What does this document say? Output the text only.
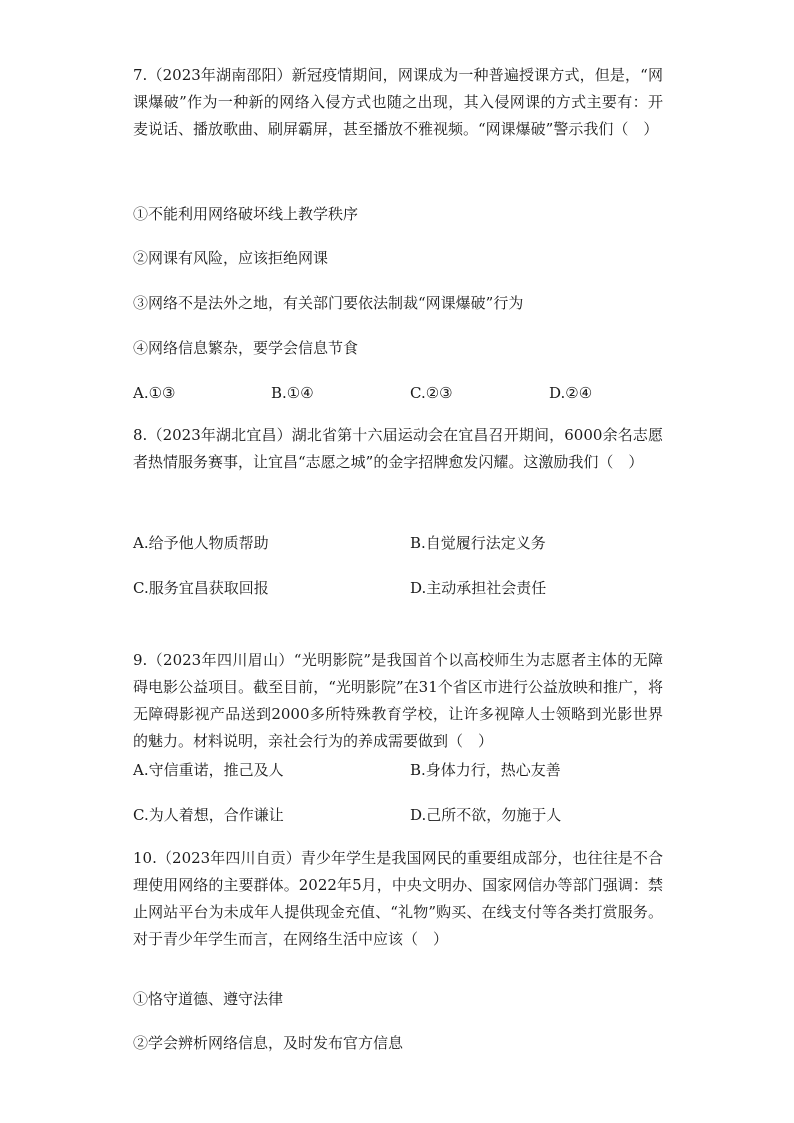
7.（2023年湖南邵阳）新冠疫情期间，网课成为一种普遍授课方式，但是，“网课爆破”作为一种新的网络入侵方式也随之出现，其入侵网课的方式主要有：开麦说话、播放歌曲、刷屏霸屏，甚至播放不雅视频。“网课爆破”警示我们（　）

①不能利用网络破坏线上教学秩序

②网课有风险，应该拒绝网课

③网络不是法外之地，有关部门要依法制裁“网课爆破”行为

④网络信息繁杂，要学会信息节食

A.①③	B.①④	C.②③	D.②④

8.（2023年湖北宜昌）湖北省第十六届运动会在宜昌召开期间，6000余名志愿者热情服务赛事，让宜昌“志愿之城”的金字招牌愈发闪耀。这激励我们（　）

A.给予他人物质帮助	B.自觉履行法定义务

C.服务宜昌获取回报	D.主动承担社会责任

9.（2023年四川眉山）“光明影院”是我国首个以高校师生为志愿者主体的无障碍电影公益项目。截至目前，“光明影院”在31个省区市进行公益放映和推广，将无障碍影视产品送到2000多所特殊教育学校，让许多视障人士领略到光影世界的魅力。材料说明，亲社会行为的养成需要做到（　）

A.守信重诺，推己及人	B.身体力行，热心友善

C.为人着想，合作谦让	D.己所不欲，勿施于人

10.（2023年四川自贡）青少年学生是我国网民的重要组成部分，也往往是不合理使用网络的主要群体。2022年5月，中央文明办、国家网信办等部门强调：禁止网站平台为未成年人提供现金充值、“礼物”购买、在线支付等各类打赏服务。对于青少年学生而言，在网络生活中应该（　）

①恪守道德、遵守法律

②学会辨析网络信息，及时发布官方信息
